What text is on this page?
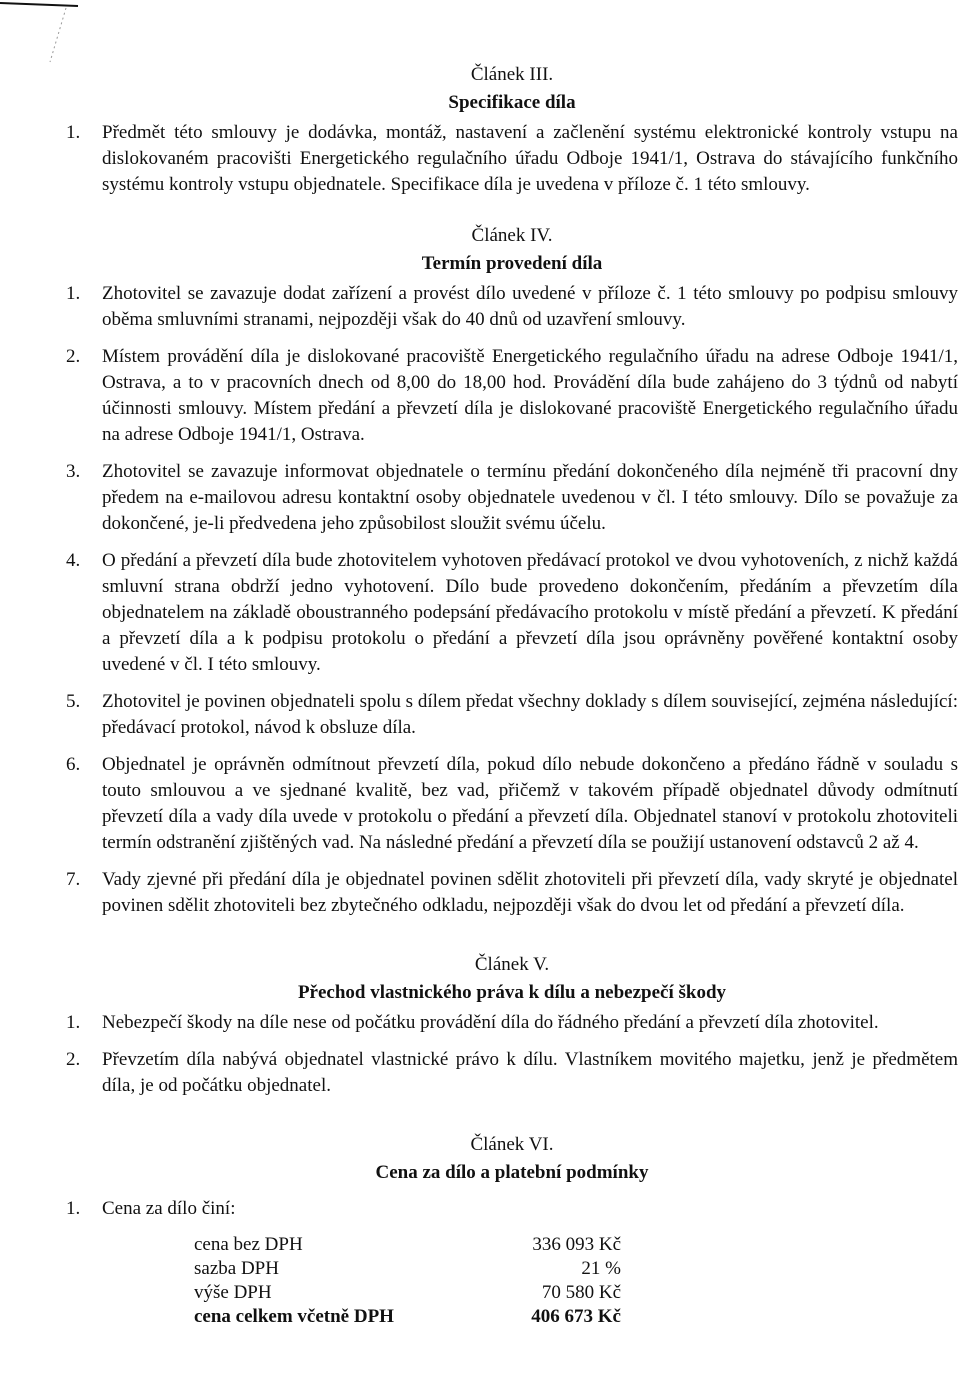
Článek III.

Specifikace díla

1.	Předmět této smlouvy je dodávka, montáž, nastavení a začlenění systému elektronické kontroly vstupu na dislokovaném pracovišti Energetického regulačního úřadu Odboje 1941/1, Ostrava do stávajícího funkčního systému kontroly vstupu objednatele. Specifikace díla je uvedena v příloze č. 1 této smlouvy.

Článek IV.

Termín provedení díla

1.	Zhotovitel se zavazuje dodat zařízení a provést dílo uvedené v příloze č. 1 této smlouvy po podpisu smlouvy oběma smluvními stranami, nejpozději však do 40 dnů od uzavření smlouvy.
2.	Místem provádění díla je dislokované pracoviště Energetického regulačního úřadu na adrese Odboje 1941/1, Ostrava, a to v pracovních dnech od 8,00 do 18,00 hod. Provádění díla bude zahájeno do 3 týdnů od nabytí účinnosti smlouvy. Místem předání a převzetí díla je dislokované pracoviště Energetického regulačního úřadu na adrese Odboje 1941/1, Ostrava.
3.	Zhotovitel se zavazuje informovat objednatele o termínu předání dokončeného díla nejméně tři pracovní dny předem na e-mailovou adresu kontaktní osoby objednatele uvedenou v čl. I této smlouvy. Dílo se považuje za dokončené, je-li předvedena jeho způsobilost sloužit svému účelu.
4.	O předání a převzetí díla bude zhotovitelem vyhotoven předávací protokol ve dvou vyhotoveních, z nichž každá smluvní strana obdrží jedno vyhotovení. Dílo bude provedeno dokončením, předáním a převzetím díla objednatelem na základě oboustranného podepsání předávacího protokolu v místě předání a převzetí. K předání a převzetí díla a k podpisu protokolu o předání a převzetí díla jsou oprávněny pověřené kontaktní osoby uvedené v čl. I této smlouvy.
5.	Zhotovitel je povinen objednateli spolu s dílem předat všechny doklady s dílem související, zejména následující: předávací protokol, návod k obsluze díla.
6.	Objednatel je oprávněn odmítnout převzetí díla, pokud dílo nebude dokončeno a předáno řádně v souladu s touto smlouvou a ve sjednané kvalitě, bez vad, přičemž v takovém případě objednatel důvody odmítnutí převzetí díla a vady díla uvede v protokolu o předání a převzetí díla. Objednatel stanoví v protokolu zhotoviteli termín odstranění zjištěných vad. Na následné předání a převzetí díla se použijí ustanovení odstavců 2 až 4.
7.	Vady zjevné při předání díla je objednatel povinen sdělit zhotoviteli při převzetí díla, vady skryté je objednatel povinen sdělit zhotoviteli bez zbytečného odkladu, nejpozději však do dvou let od předání a převzetí díla.

Článek V.

Přechod vlastnického práva k dílu a nebezpečí škody

1.	Nebezpečí škody na díle nese od počátku provádění díla do řádného předání a převzetí díla zhotovitel.
2.	Převzetím díla nabývá objednatel vlastnické právo k dílu. Vlastníkem movitého majetku, jenž je předmětem díla, je od počátku objednatel.

Článek VI.

Cena za dílo a platební podmínky

1.	Cena za dílo činí:
cena bez DPH	336 093 Kč
sazba DPH	21 %
výše DPH	70 580 Kč
cena celkem včetně DPH	406 673 Kč
